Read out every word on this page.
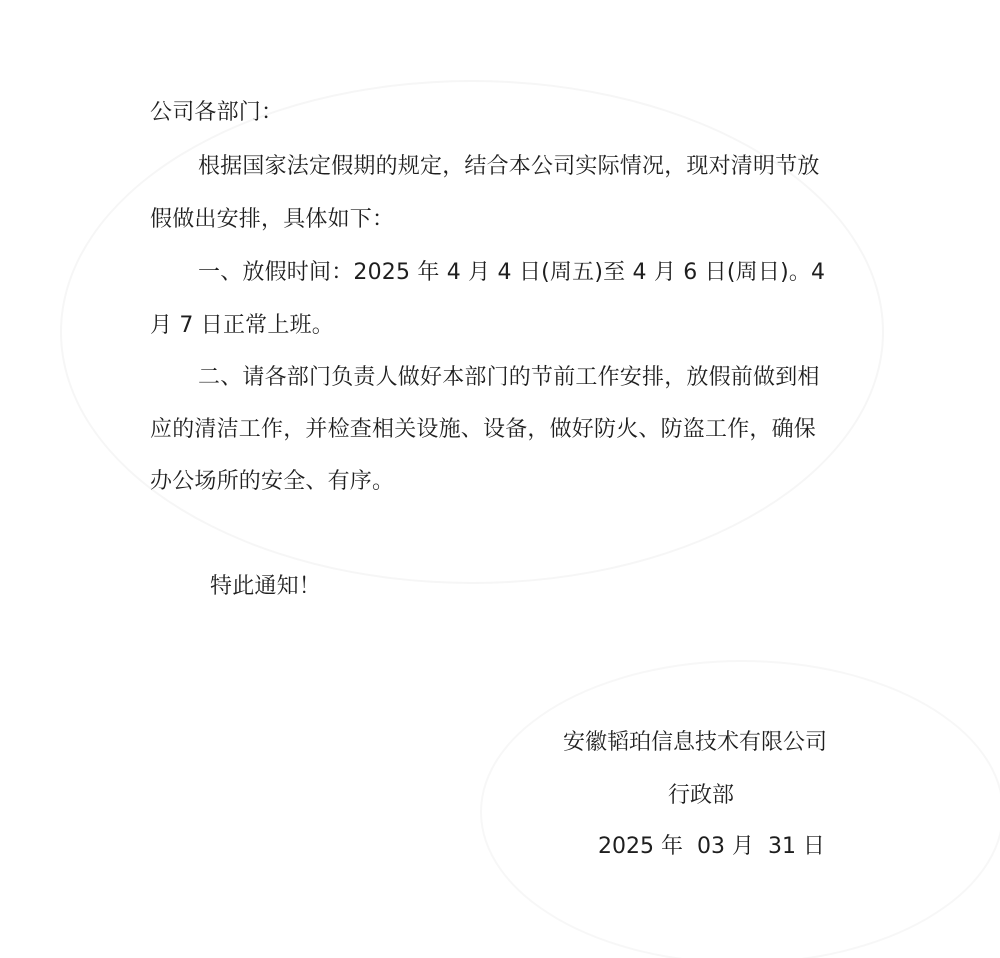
公司各部门：
根据国家法定假期的规定，结合本公司实际情况，现对清明节放
假做出安排，具体如下：
一、放假时间：2025 年 4 月 4 日(周五)至 4 月 6 日(周日)。4
月 7 日正常上班。
二、请各部门负责人做好本部门的节前工作安排，放假前做到相
应的清洁工作，并检查相关设施、设备，做好防火、防盗工作，确保
办公场所的安全、有序。
特此通知！
安徽韬珀信息技术有限公司
行政部
2025 年  03 月  31 日
